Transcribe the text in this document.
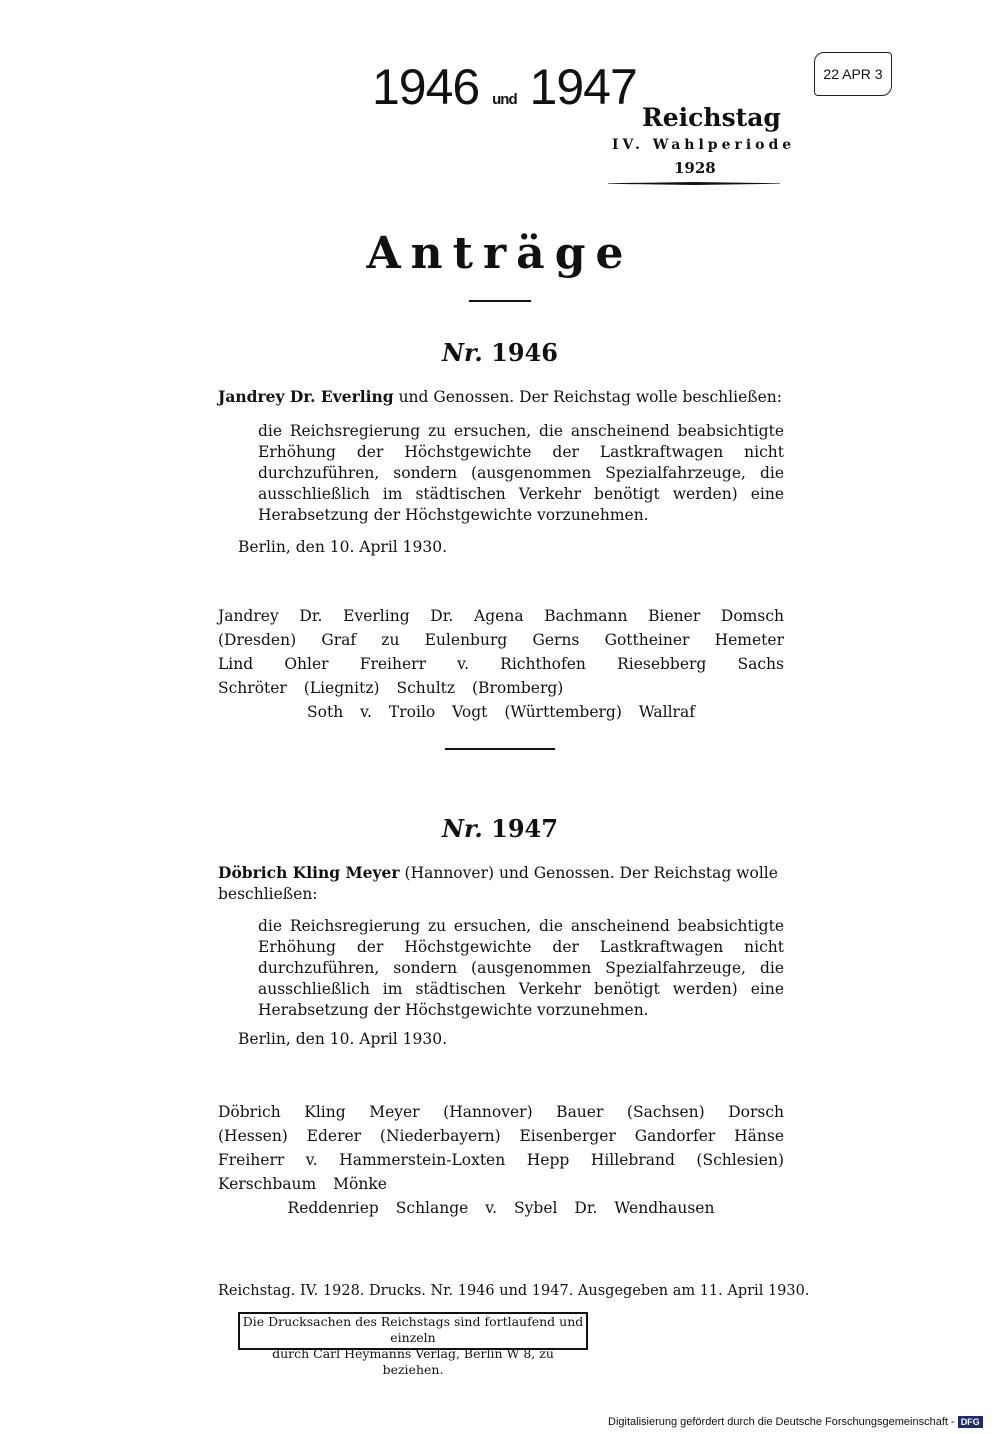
1946 und 1947	22 APR 3
Reichstag
IV. Wahlperiode
1928
Anträge
Nr. 1946
Jandrey Dr. Everling und Genossen. Der Reichstag wolle beschließen:
die Reichsregierung zu ersuchen, die anscheinend beabsichtigte Erhöhung der Höchstgewichte der Lastkraftwagen nicht durchzuführen, sondern (ausgenommen Spezialfahrzeuge, die ausschließlich im städtischen Verkehr benötigt werden) eine Herabsetzung der Höchstgewichte vorzunehmen.
Berlin, den 10. April 1930.
Jandrey Dr. Everling Dr. Agena Bachmann Biener Domsch (Dresden) Graf zu Eulenburg Gerns Gottheiner Hemeter Lind Ohler Freiherr v. Richthofen Riesebberg Sachs Schröter (Liegnitz) Schultz (Bromberg)
Soth v. Troilo Vogt (Württemberg) Wallraf
Nr. 1947
Döbrich Kling Meyer (Hannover) und Genossen. Der Reichstag wolle beschließen:
die Reichsregierung zu ersuchen, die anscheinend beabsichtigte Erhöhung der Höchstgewichte der Lastkraftwagen nicht durchzuführen, sondern (ausgenommen Spezialfahrzeuge, die ausschließlich im städtischen Verkehr benötigt werden) eine Herabsetzung der Höchstgewichte vorzunehmen.
Berlin, den 10. April 1930.
Döbrich Kling Meyer (Hannover) Bauer (Sachsen) Dorsch (Hessen) Ederer (Niederbayern) Eisenberger Gandorfer Hänse Freiherr v. Hammerstein-Loxten Hepp Hillebrand (Schlesien) Kerschbaum Mönke
Reddenriep Schlange v. Sybel Dr. Wendhausen
Reichstag. IV. 1928. Drucks. Nr. 1946 und 1947. Ausgegeben am 11. April 1930.
Die Drucksachen des Reichstags sind fortlaufend und einzeln
durch Carl Heymanns Verlag, Berlin W 8, zu beziehen.
Digitalisierung gefördert durch die Deutsche Forschungsgemeinschaft - DFG
